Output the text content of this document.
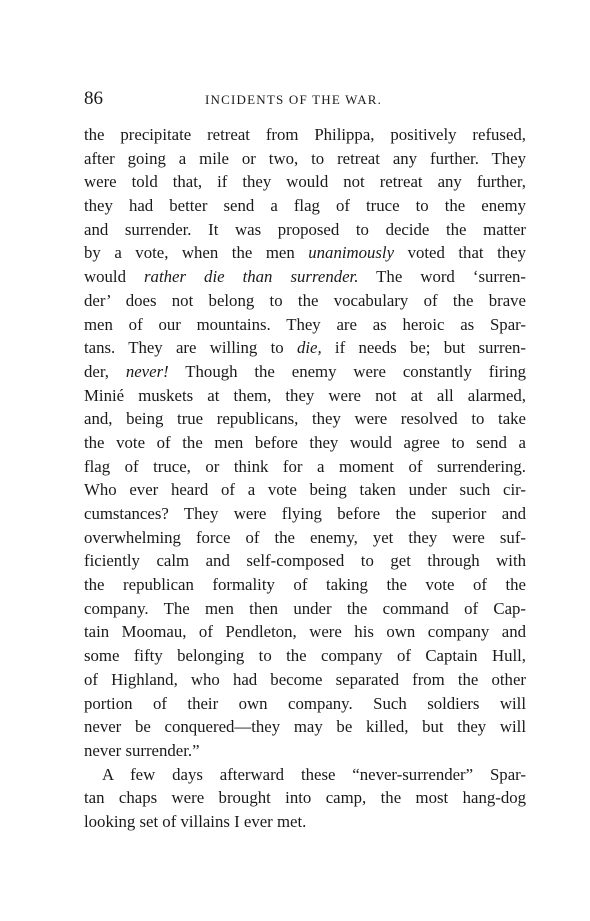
86	INCIDENTS OF THE WAR.
the precipitate retreat from Philippa, positively refused,
after going a mile or two, to retreat any further. They
were told that, if they would not retreat any further,
they had better send a flag of truce to the enemy
and surrender. It was proposed to decide the matter
by a vote, when the men unanimously voted that they
would rather die than surrender. The word ‘surren-
der’ does not belong to the vocabulary of the brave
men of our mountains. They are as heroic as Spar-
tans. They are willing to die, if needs be; but surren-
der, never! Though the enemy were constantly firing
Minié muskets at them, they were not at all alarmed,
and, being true republicans, they were resolved to take
the vote of the men before they would agree to send a
flag of truce, or think for a moment of surrendering.
Who ever heard of a vote being taken under such cir-
cumstances? They were flying before the superior and
overwhelming force of the enemy, yet they were suf-
ficiently calm and self-composed to get through with
the republican formality of taking the vote of the
company. The men then under the command of Cap-
tain Moomau, of Pendleton, were his own company and
some fifty belonging to the company of Captain Hull,
of Highland, who had become separated from the other
portion of their own company. Such soldiers will
never be conquered—they may be killed, but they will
never surrender.”
A few days afterward these “never-surrender” Spar-
tan chaps were brought into camp, the most hang-dog
looking set of villains I ever met.
